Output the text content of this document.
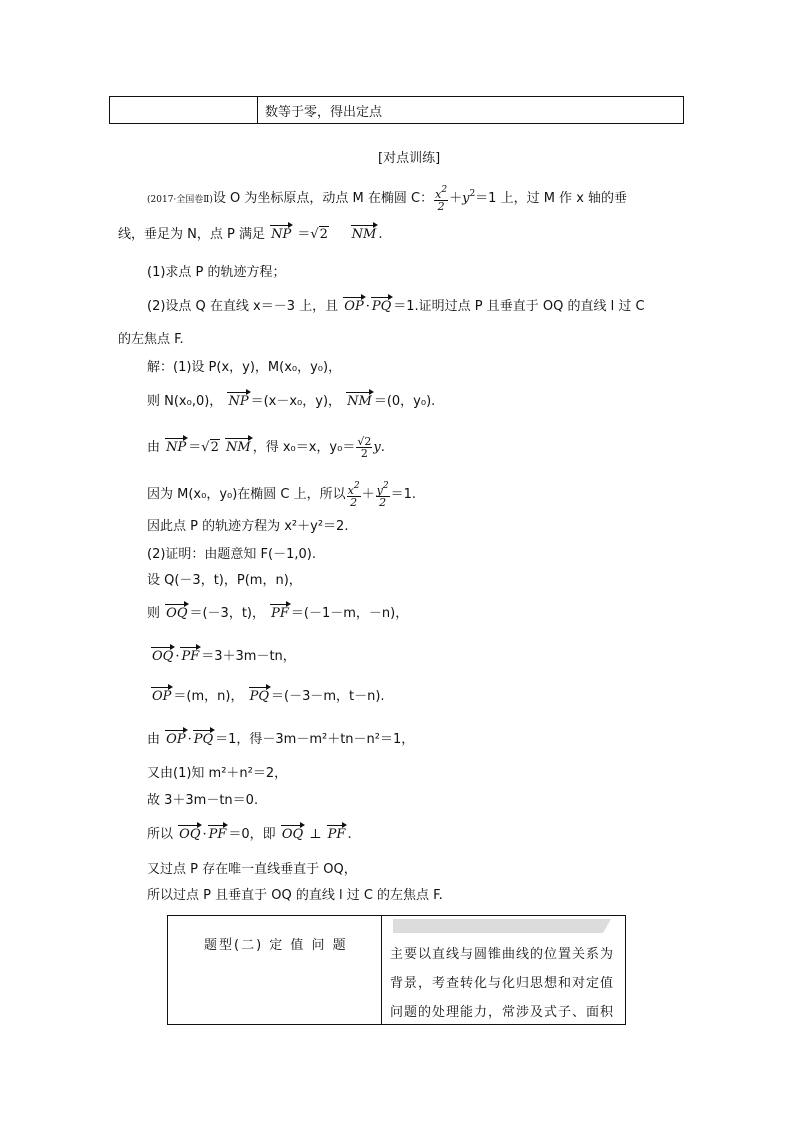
数等于零，得出定点
[对点训练]
(2017·全国卷Ⅱ)设 O 为坐标原点，动点 M 在椭圆 C： $\frac{x^2}{2} +y^2=1$ 上，过 M 作 x 轴的垂
线，垂足为 N，点 P 满足 NP ＝√2 NM .
(1)求点 P 的轨迹方程；
(2)设点 Q 在直线 x＝－3 上，且 OP · PQ ＝1.证明过点 P 且垂直于 OQ 的直线 l 过 C
的左焦点 F.
解：(1)设 P(x，y)，M(x₀，y₀)，
则 N(x₀,0)， NP ＝(x－x₀，y)， NM ＝(0，y₀).
由 NP ＝√2 NM ，得 x₀＝x，$y_0= \frac{√2}{2} y$.
因为 M(x₀，y₀)在椭圆 C 上，所以 $\frac{x^2}{2} + \frac{y^2}{2} =1$.
因此点 P 的轨迹方程为 x²＋y²＝2.
(2)证明：由题意知 F(－1,0).
设 Q(－3，t)，P(m，n)，
则 OQ ＝(－3，t)， PF ＝(－1－m，－n)，
OQ · PF ＝3＋3m－tn，
OP ＝(m，n)， PQ ＝(－3－m，t－n).
由 OP · PQ ＝1，得－3m－m²＋tn－n²＝1，
又由(1)知 m²＋n²＝2，
故 3＋3m－tn＝0.
所以 OQ · PF ＝0，即 OQ ⊥ PF .
又过点 P 存在唯一直线垂直于 OQ，
所以过点 P 且垂直于 OQ 的直线 l 过 C 的左焦点 F.
题型(二) 定 值 问 题
主要以直线与圆锥曲线的位置关系为背景，考查转化与化归思想和对定值问题的处理能力，常涉及式子、面积
